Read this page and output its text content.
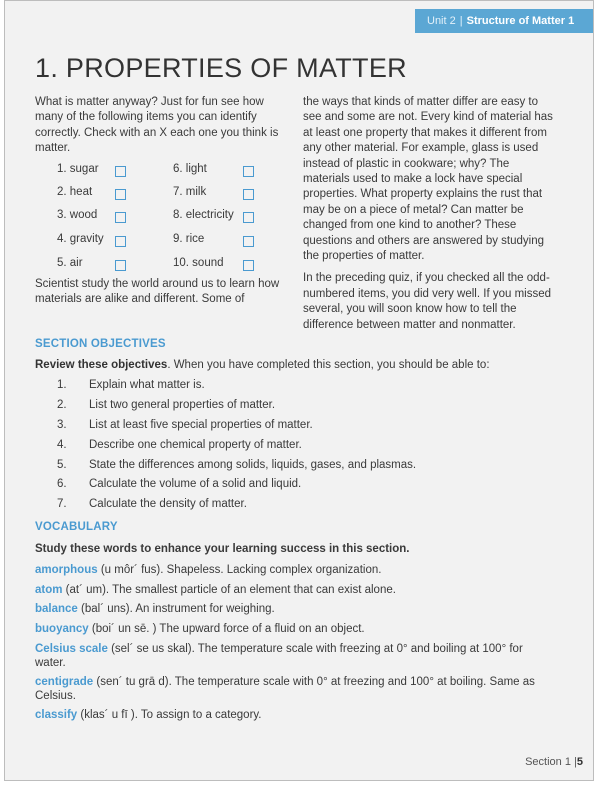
Unit 2 | Structure of Matter 1
1. PROPERTIES OF MATTER

What is matter anyway? Just for fun see how many of the following items you can identify correctly. Check with an X each one you think is matter.

1. sugar
2. heat
3. wood
4. gravity
5. air
6. light
7. milk
8. electricity
9. rice
10. sound

Scientist study the world around us to learn how materials are alike and different. Some of

the ways that kinds of matter differ are easy to see and some are not. Every kind of material has at least one property that makes it different from any other material. For example, glass is used instead of plastic in cookware; why? The materials used to make a lock have special properties. What property explains the rust that may be on a piece of metal? Can matter be changed from one kind to another? These questions and others are answered by studying the properties of matter.

In the preceding quiz, if you checked all the odd-numbered items, you did very well. If you missed several, you will soon know how to tell the difference between matter and nonmatter.

SECTION OBJECTIVES
Review these objectives. When you have completed this section, you should be able to:
1. Explain what matter is.
2. List two general properties of matter.
3. List at least five special properties of matter.
4. Describe one chemical property of matter.
5. State the differences among solids, liquids, gases, and plasmas.
6. Calculate the volume of a solid and liquid.
7. Calculate the density of matter.
VOCABULARY
Study these words to enhance your learning success in this section.
amorphous (u môr´ fus). Shapeless. Lacking complex organization.
atom (at´ um). The smallest particle of an element that can exist alone.
balance (bal´ uns). An instrument for weighing.
buoyancy (boi´ un sē. ) The upward force of a fluid on an object.
Celsius scale (sel´ se us skal). The temperature scale with freezing at 0° and boiling at 100° for water.
centigrade (sen´ tu grā d). The temperature scale with 0° at freezing and 100° at boiling. Same as Celsius.
classify (klas´ u fī ). To assign to a category.
Section 1 |5
